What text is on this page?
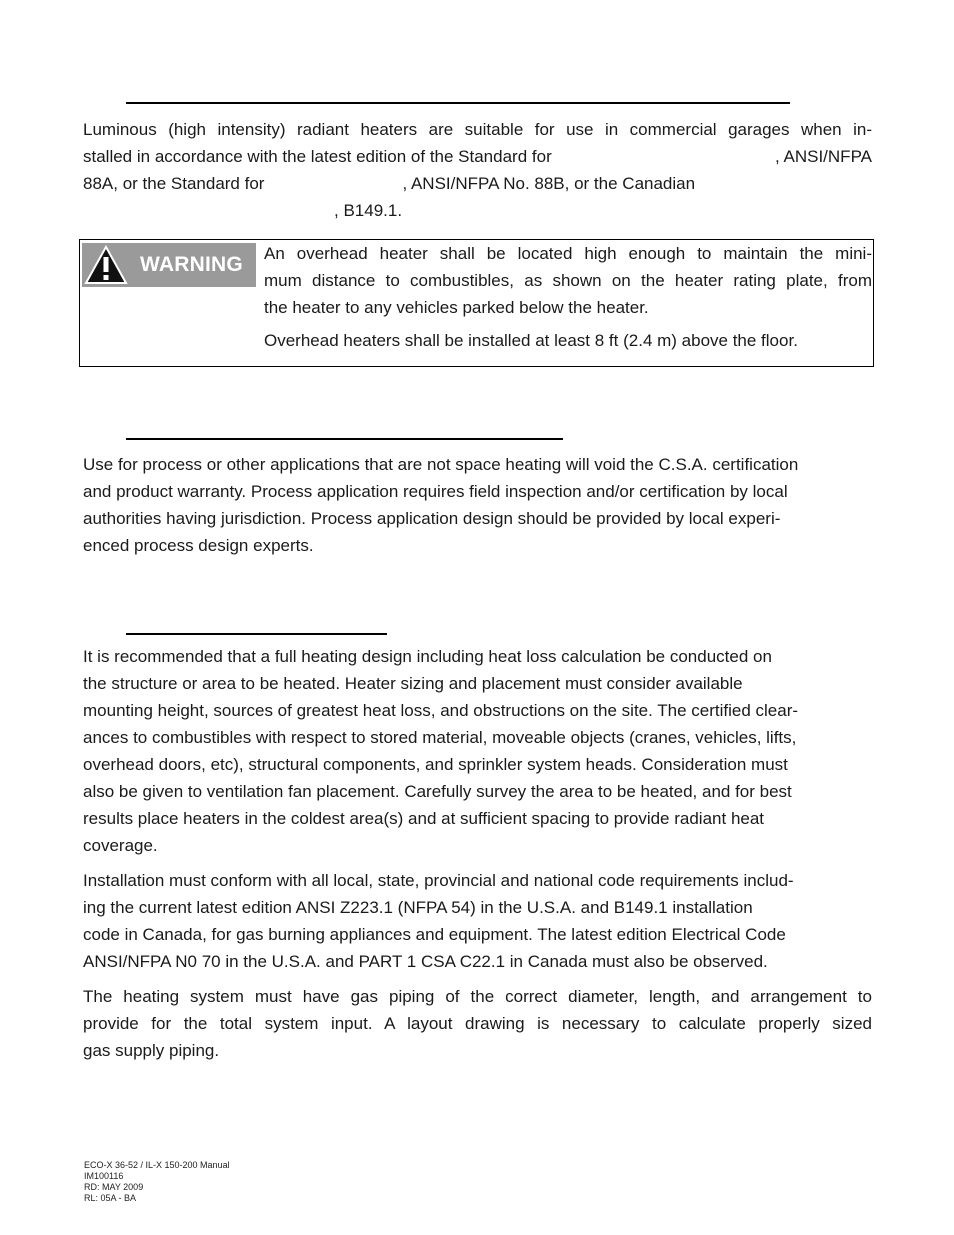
Luminous (high intensity) radiant heaters are suitable for use in commercial garages when in-
stalled in accordance with the latest edition of the Standard for	, ANSI/NFPA
88A, or the Standard for	, ANSI/NFPA No. 88B, or the Canadian
, B149.1.
WARNING An overhead heater shall be located high enough to maintain the mini-
mum distance to combustibles, as shown on the heater rating plate, from
the heater to any vehicles parked below the heater.
Overhead heaters shall be installed at least 8 ft (2.4 m) above the floor.
Use for process or other applications that are not space heating will void the C.S.A. certification
and product warranty. Process application requires field inspection and/or certification by local
authorities having jurisdiction. Process application design should be provided by local experi-
enced process design experts.
It is recommended that a full heating design including heat loss calculation be conducted on
the structure or area to be heated. Heater sizing and placement must consider available
mounting height, sources of greatest heat loss, and obstructions on the site. The certified clear-
ances to combustibles with respect to stored material, moveable objects (cranes, vehicles, lifts,
overhead doors, etc), structural components, and sprinkler system heads. Consideration must
also be given to ventilation fan placement. Carefully survey the area to be heated, and for best
results place heaters in the coldest area(s) and at sufficient spacing to provide radiant heat
coverage.
Installation must conform with all local, state, provincial and national code requirements includ-
ing the current latest edition ANSI Z223.1 (NFPA 54) in the U.S.A. and B149.1 installation
code in Canada, for gas burning appliances and equipment. The latest edition Electrical Code
ANSI/NFPA N0 70 in the U.S.A. and PART 1 CSA C22.1 in Canada must also be observed.
The heating system must have gas piping of the correct diameter, length, and arrangement to
provide for the total system input. A layout drawing is necessary to calculate properly sized
gas supply piping.
ECO-X 36-52 / IL-X 150-200 Manual
IM100116
RD: MAY 2009
RL: 05A - BA
